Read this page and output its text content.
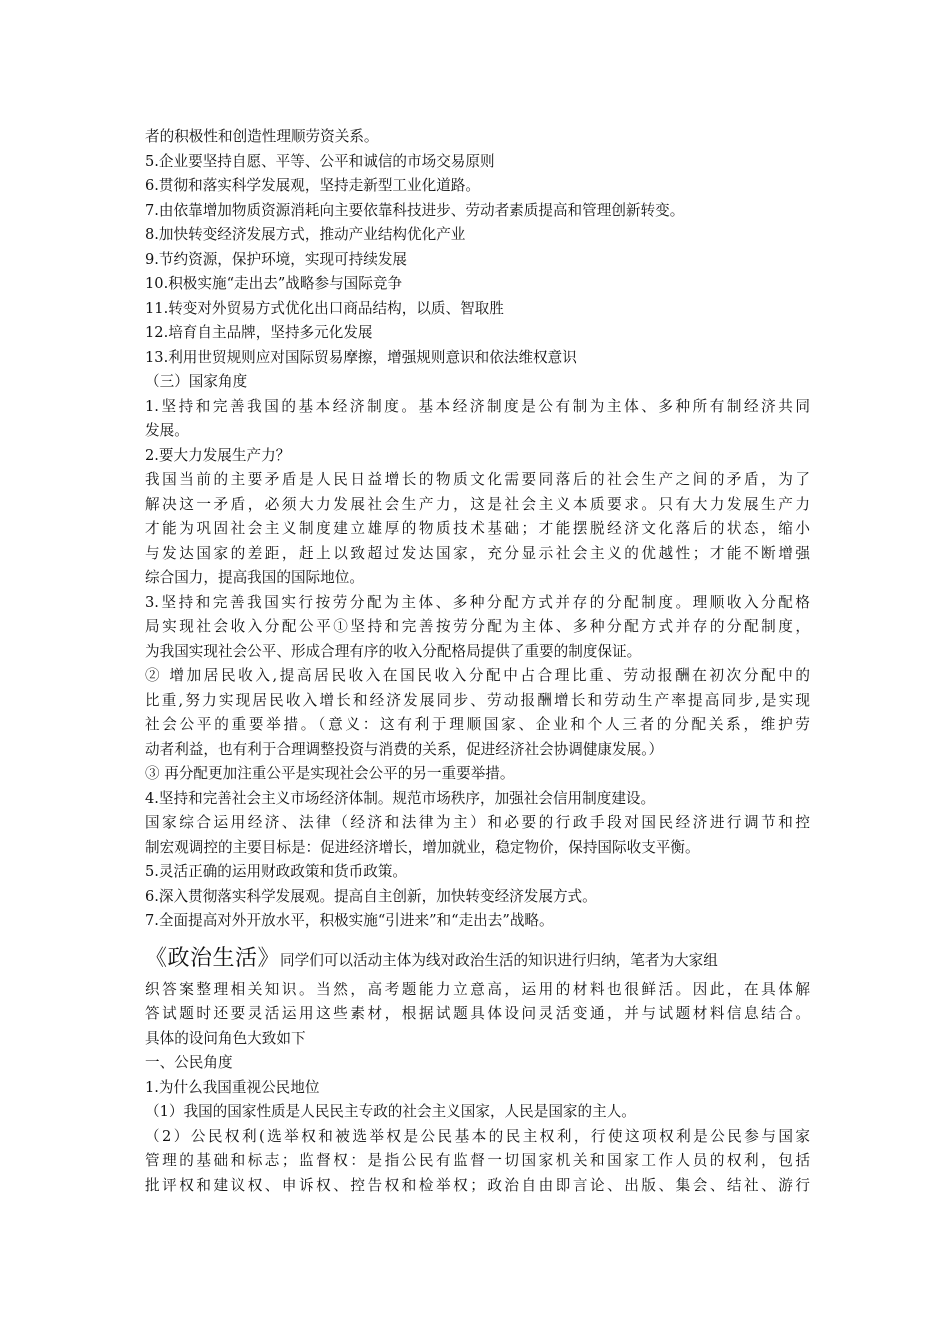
者的积极性和创造性理顺劳资关系。
5.企业要坚持自愿、平等、公平和诚信的市场交易原则
6.贯彻和落实科学发展观，坚持走新型工业化道路。
7.由依靠增加物质资源消耗向主要依靠科技进步、劳动者素质提高和管理创新转变。
8.加快转变经济发展方式，推动产业结构优化产业
9.节约资源，保护环境，实现可持续发展
10.积极实施“走出去”战略参与国际竞争
11.转变对外贸易方式优化出口商品结构，以质、智取胜
12.培育自主品牌，坚持多元化发展
13.利用世贸规则应对国际贸易摩擦，增强规则意识和依法维权意识
（三）国家角度
1.坚持和完善我国的基本经济制度。基本经济制度是公有制为主体、多种所有制经济共同
发展。
2.要大力发展生产力？
我国当前的主要矛盾是人民日益增长的物质文化需要同落后的社会生产之间的矛盾，为了
解决这一矛盾，必须大力发展社会生产力，这是社会主义本质要求。只有大力发展生产力
才能为巩固社会主义制度建立雄厚的物质技术基础；才能摆脱经济文化落后的状态，缩小
与发达国家的差距，赶上以致超过发达国家，充分显示社会主义的优越性；才能不断增强
综合国力，提高我国的国际地位。
3.坚持和完善我国实行按劳分配为主体、多种分配方式并存的分配制度。理顺收入分配格
局实现社会收入分配公平①坚持和完善按劳分配为主体、多种分配方式并存的分配制度，
为我国实现社会公平、形成合理有序的收入分配格局提供了重要的制度保证。
② 增加居民收入,提高居民收入在国民收入分配中占合理比重、劳动报酬在初次分配中的
比重,努力实现居民收入增长和经济发展同步、劳动报酬增长和劳动生产率提高同步,是实现
社会公平的重要举措。（意义：这有利于理顺国家、企业和个人三者的分配关系，维护劳
动者利益，也有利于合理调整投资与消费的关系，促进经济社会协调健康发展。）
③ 再分配更加注重公平是实现社会公平的另一重要举措。
4.坚持和完善社会主义市场经济体制。规范市场秩序，加强社会信用制度建设。
国家综合运用经济、法律（经济和法律为主）和必要的行政手段对国民经济进行调节和控
制宏观调控的主要目标是：促进经济增长，增加就业，稳定物价，保持国际收支平衡。
5.灵活正确的运用财政政策和货币政策。
6.深入贯彻落实科学发展观。提高自主创新，加快转变经济发展方式。
7.全面提高对外开放水平，积极实施“引进来”和“走出去”战略。
《政治生活》同学们可以活动主体为线对政治生活的知识进行归纳，笔者为大家组
织答案整理相关知识。当然，高考题能力立意高，运用的材料也很鲜活。因此，在具体解
答试题时还要灵活运用这些素材，根据试题具体设问灵活变通，并与试题材料信息结合。
具体的设问角色大致如下
一、公民角度
1.为什么我国重视公民地位
（1）我国的国家性质是人民民主专政的社会主义国家，人民是国家的主人。
（2）公民权利(选举权和被选举权是公民基本的民主权利，行使这项权利是公民参与国家
管理的基础和标志；监督权：是指公民有监督一切国家机关和国家工作人员的权利，包括
批评权和建议权、申诉权、控告权和检举权；政治自由即言论、出版、集会、结社、游行
